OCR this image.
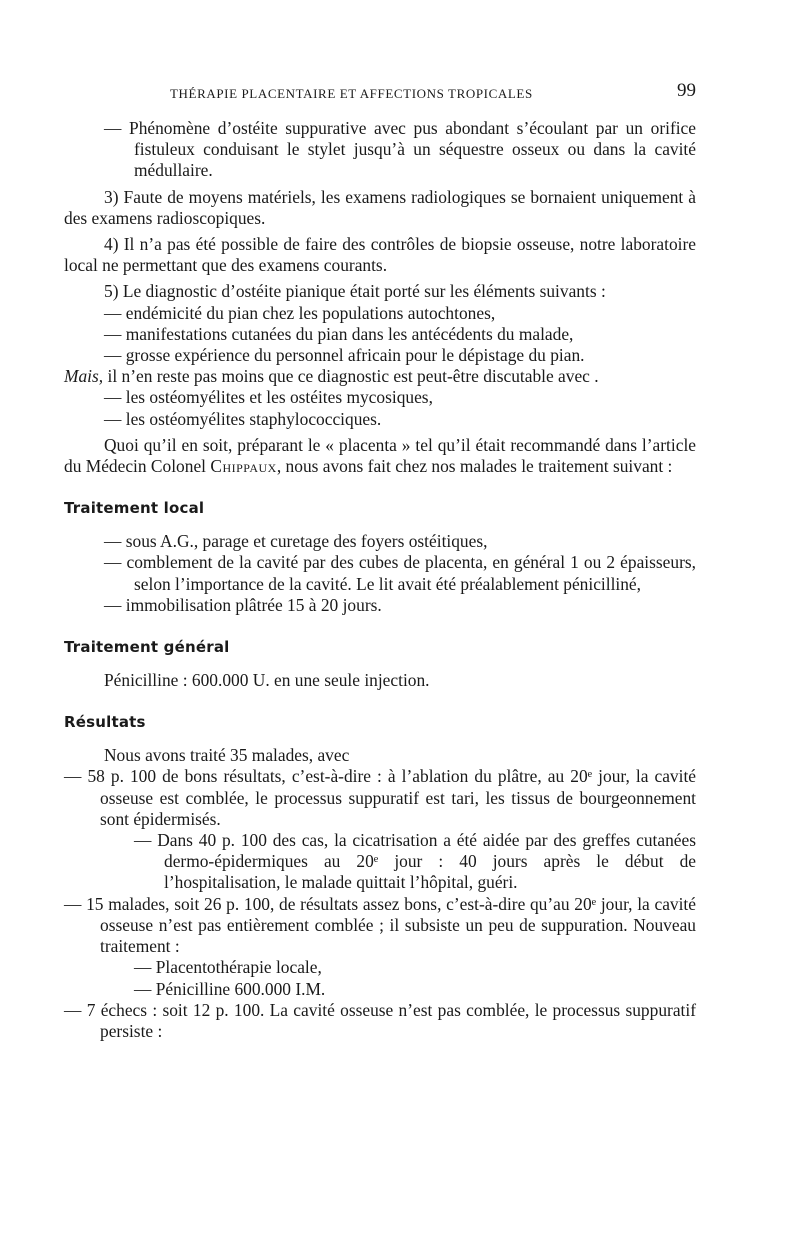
THÉRAPIE PLACENTAIRE ET AFFECTIONS TROPICALES	99

— Phénomène d’ostéite suppurative avec pus abondant s’écoulant par un orifice fistuleux conduisant le stylet jusqu’à un séquestre osseux ou dans la cavité médullaire.

3) Faute de moyens matériels, les examens radiologiques se bornaient uniquement à des examens radioscopiques.

4) Il n’a pas été possible de faire des contrôles de biopsie osseuse, notre laboratoire local ne permettant que des examens courants.

5) Le diagnostic d’ostéite pianique était porté sur les éléments suivants :

— endémicité du pian chez les populations autochtones,

— manifestations cutanées du pian dans les antécédents du malade,

— grosse expérience du personnel africain pour le dépistage du pian.

Mais, il n’en reste pas moins que ce diagnostic est peut-être discutable avec .

— les ostéomyélites et les ostéites mycosiques,

— les ostéomyélites staphylococciques.

Quoi qu’il en soit, préparant le « placenta » tel qu’il était recommandé dans l’article du Médecin Colonel Chippaux, nous avons fait chez nos malades le traitement suivant :

Traitement local

— sous A.G., parage et curetage des foyers ostéitiques,

— comblement de la cavité par des cubes de placenta, en général 1 ou 2 épaisseurs, selon l’importance de la cavité. Le lit avait été préalablement pénicilliné,

— immobilisation plâtrée 15 à 20 jours.

Traitement général

Pénicilline : 600.000 U. en une seule injection.

Résultats

Nous avons traité 35 malades, avec

— 58 p. 100 de bons résultats, c’est-à-dire : à l’ablation du plâtre, au 20ᵉ jour, la cavité osseuse est comblée, le processus suppuratif est tari, les tissus de bourgeonnement sont épidermisés.

— Dans 40 p. 100 des cas, la cicatrisation a été aidée par des greffes cutanées dermo-épidermiques au 20ᵉ jour : 40 jours après le début de l’hospitalisation, le malade quittait l’hôpital, guéri.

— 15 malades, soit 26 p. 100, de résultats assez bons, c’est-à-dire qu’au 20ᵉ jour, la cavité osseuse n’est pas entièrement comblée ; il subsiste un peu de suppuration. Nouveau traitement :

— Placentothérapie locale,

— Pénicilline 600.000 I.M.

— 7 échecs : soit 12 p. 100. La cavité osseuse n’est pas comblée, le processus suppuratif persiste :
